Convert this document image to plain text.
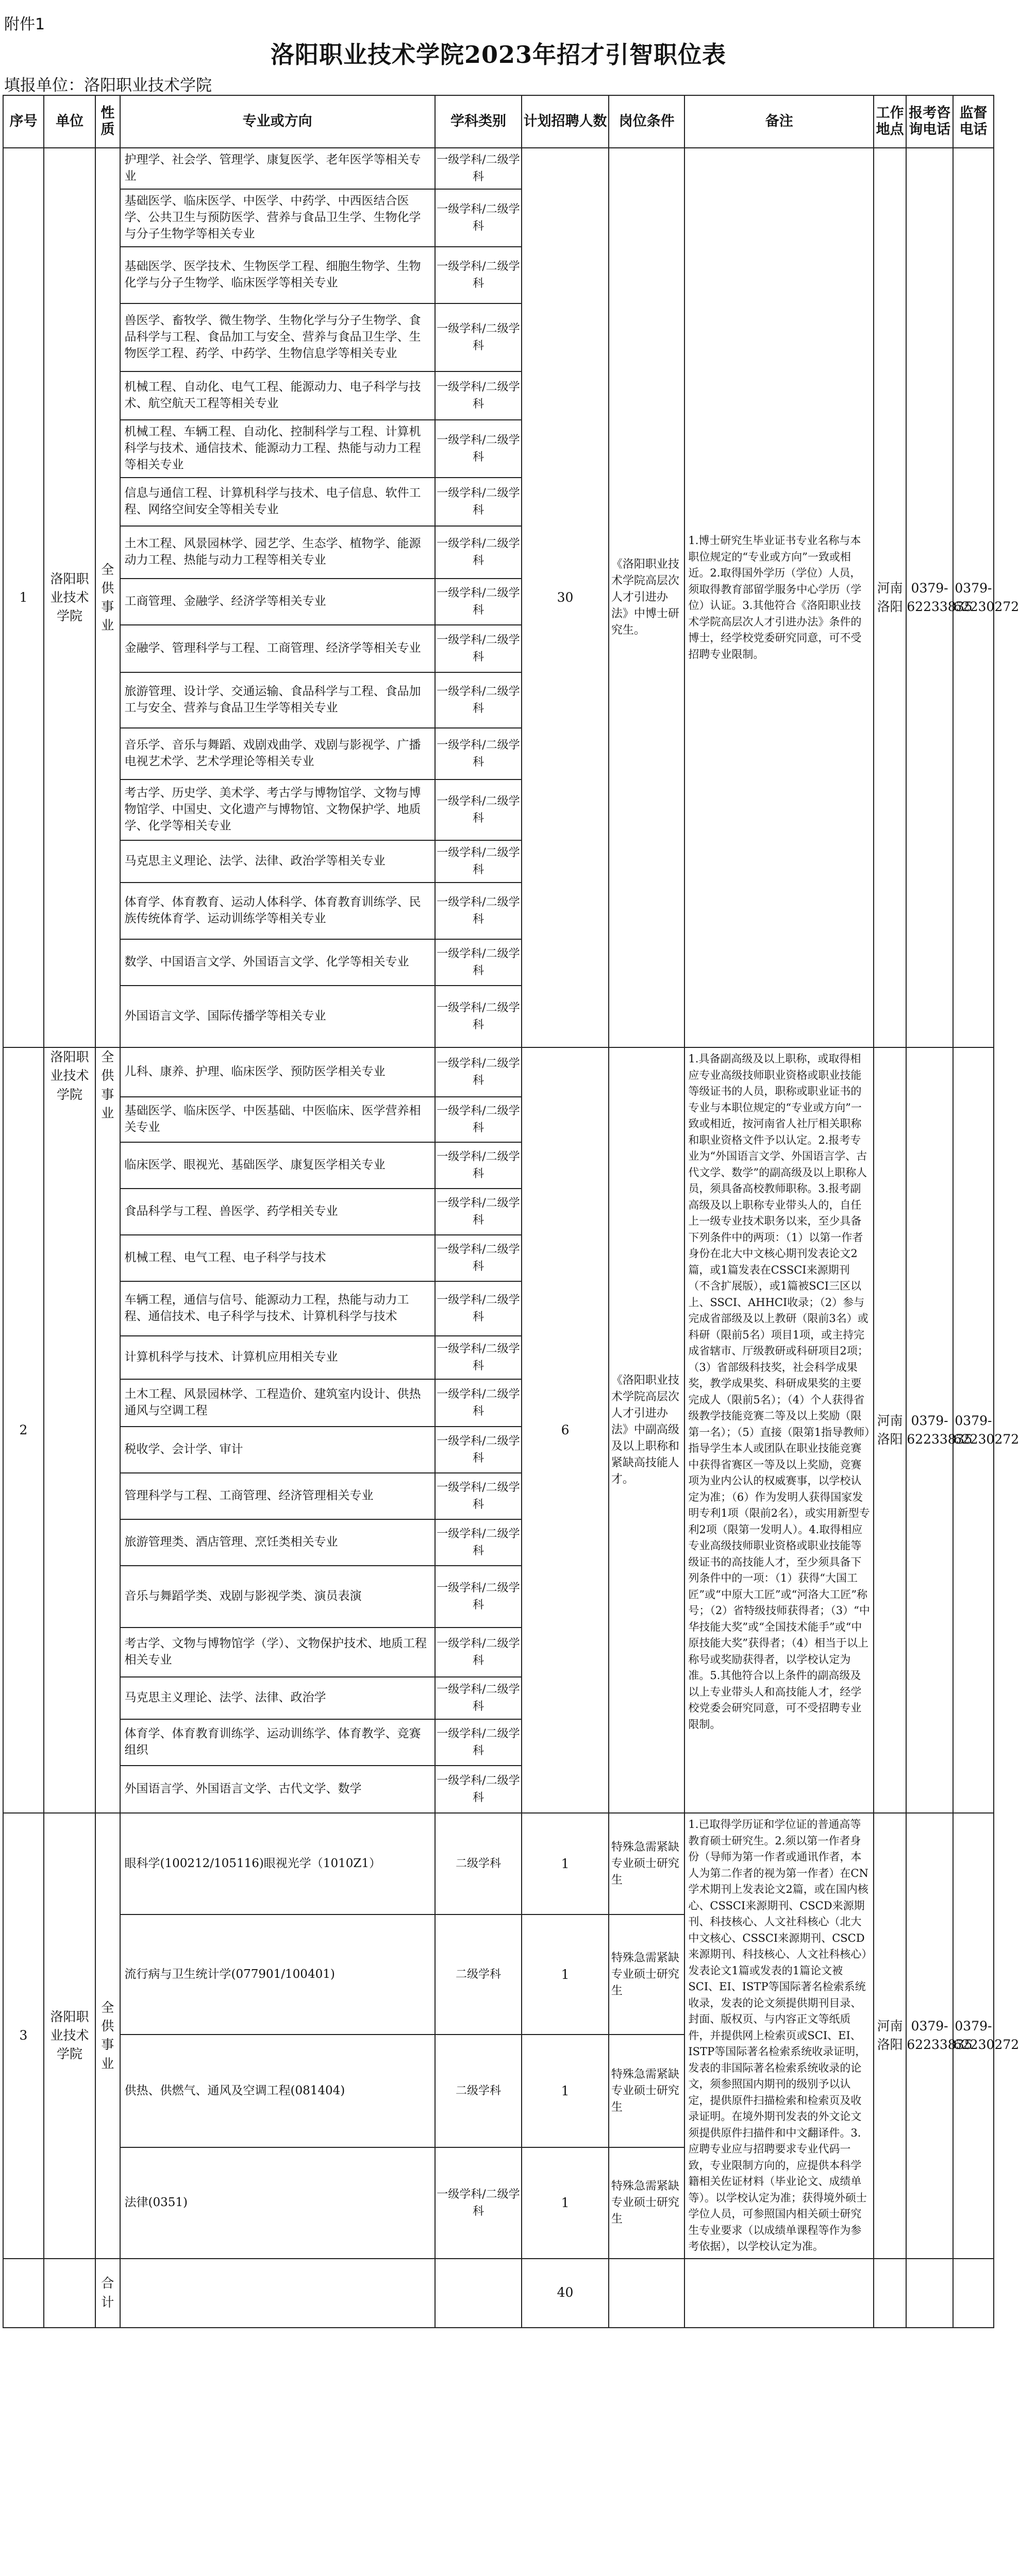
附件1
洛阳职业技术学院2023年招才引智职位表
填报单位：洛阳职业技术学院
序号	单位	性质	专业或方向	学科类别	计划招聘人数	岗位条件	备注	工作地点	报考咨询电话	监督电话
1	洛阳职业技术学院	全供事业	护理学、社会学、管理学、康复医学、老年医学等相关专业	一级学科/二级学科	30	《洛阳职业技术学院高层次人才引进办法》中博士研究生。	1.博士研究生毕业证书专业名称与本职位规定的“专业或方向”一致或相近。2.取得国外学历（学位）人员，须取得教育部留学服务中心学历（学位）认证。3.其他符合《洛阳职业技术学院高层次人才引进办法》条件的博士，经学校党委研究同意，可不受招聘专业限制。	河南洛阳	0379-62233835	0379-62230272
			基础医学、临床医学、中医学、中药学、中西医结合医学、公共卫生与预防医学、营养与食品卫生学、生物化学与分子生物学等相关专业	一级学科/二级学科						
			基础医学、医学技术、生物医学工程、细胞生物学、生物化学与分子生物学、临床医学等相关专业	一级学科/二级学科						
			兽医学、畜牧学、微生物学、生物化学与分子生物学、食品科学与工程、食品加工与安全、营养与食品卫生学、生物医学工程、药学、中药学、生物信息学等相关专业	一级学科/二级学科						
			机械工程、自动化、电气工程、能源动力、电子科学与技术、航空航天工程等相关专业	一级学科/二级学科						
			机械工程、车辆工程、自动化、控制科学与工程、计算机科学与技术、通信技术、能源动力工程、热能与动力工程等相关专业	一级学科/二级学科						
			信息与通信工程、计算机科学与技术、电子信息、软件工程、网络空间安全等相关专业	一级学科/二级学科						
			土木工程、风景园林学、园艺学、生态学、植物学、能源动力工程、热能与动力工程等相关专业	一级学科/二级学科						
			工商管理、金融学、经济学等相关专业	一级学科/二级学科						
			金融学、管理科学与工程、工商管理、经济学等相关专业	一级学科/二级学科						
			旅游管理、设计学、交通运输、食品科学与工程、食品加工与安全、营养与食品卫生学等相关专业	一级学科/二级学科						
			音乐学、音乐与舞蹈、戏剧戏曲学、戏剧与影视学、广播电视艺术学、艺术学理论等相关专业	一级学科/二级学科						
			考古学、历史学、美术学、考古学与博物馆学、文物与博物馆学、中国史、文化遗产与博物馆、文物保护学、地质学、化学等相关专业	一级学科/二级学科						
			马克思主义理论、法学、法律、政治学等相关专业	一级学科/二级学科						
			体育学、体育教育、运动人体科学、体育教育训练学、民族传统体育学、运动训练学等相关专业	一级学科/二级学科						
			数学、中国语言文学、外国语言文学、化学等相关专业	一级学科/二级学科						
			外国语言文学、国际传播学等相关专业	一级学科/二级学科						
2	洛阳职业技术学院	全供事业	儿科、康养、护理、临床医学、预防医学相关专业	一级学科/二级学科	6	《洛阳职业技术学院高层次人才引进办法》中副高级及以上职称和紧缺高技能人才。	1.具备副高级及以上职称，或取得相应专业高级技师职业资格或职业技能等级证书的人员，职称或职业证书的专业与本职位规定的“专业或方向”一致或相近，按河南省人社厅相关职称和职业资格文件予以认定。2.报考专业为“外国语言文学、外国语言学、古代文学、数学”的副高级及以上职称人员，须具备高校教师职称。3.报考副高级及以上职称专业带头人的，自任上一级专业技术职务以来，至少具备下列条件中的两项：（1）以第一作者身份在北大中文核心期刊发表论文2篇，或1篇发表在CSSCI来源期刊（不含扩展版），或1篇被SCI三区以上、SSCI、AHHCI收录；（2）参与完成省部级及以上教研（限前3名）或科研（限前5名）项目1项，或主持完成省辖市、厅级教研或科研项目2项；（3）省部级科技奖，社会科学成果奖，教学成果奖、科研成果奖的主要完成人（限前5名）；（4）个人获得省级教学技能竞赛二等及以上奖励（限第一名）；（5）直接（限第1指导教师）指导学生本人或团队在职业技能竞赛中获得省赛区一等及以上奖励，竞赛项为业内公认的权威赛事，以学校认定为准；（6）作为发明人获得国家发明专利1项（限前2名），或实用新型专利2项（限第一发明人）。4.取得相应专业高级技师职业资格或职业技能等级证书的高技能人才，至少须具备下列条件中的一项：（1）获得“大国工匠”或“中原大工匠”或“河洛大工匠”称号；（2）省特级技师获得者；（3）“中华技能大奖”或“全国技术能手”或“中原技能大奖”获得者；（4）相当于以上称号或奖励获得者，以学校认定为准。5.其他符合以上条件的副高级及以上专业带头人和高技能人才，经学校党委会研究同意，可不受招聘专业限制。	河南洛阳	0379-62233835	0379-62230272
			基础医学、临床医学、中医基础、中医临床、医学营养相关专业	一级学科/二级学科						
			临床医学、眼视光、基础医学、康复医学相关专业	一级学科/二级学科						
			食品科学与工程、兽医学、药学相关专业	一级学科/二级学科						
			机械工程、电气工程、电子科学与技术	一级学科/二级学科						
			车辆工程，通信与信号、能源动力工程，热能与动力工程、通信技术、电子科学与技术、计算机科学与技术	一级学科/二级学科						
			计算机科学与技术、计算机应用相关专业	一级学科/二级学科						
			土木工程、风景园林学、工程造价、建筑室内设计、供热通风与空调工程	一级学科/二级学科						
			税收学、会计学、审计	一级学科/二级学科						
			管理科学与工程、工商管理、经济管理相关专业	一级学科/二级学科						
			旅游管理类、酒店管理、烹饪类相关专业	一级学科/二级学科						
			音乐与舞蹈学类、戏剧与影视学类、演员表演	一级学科/二级学科						
			考古学、文物与博物馆学（学）、文物保护技术、地质工程相关专业	一级学科/二级学科						
			马克思主义理论、法学、法律、政治学	一级学科/二级学科						
			体育学、体育教育训练学、运动训练学、体育教学、竞赛组织	一级学科/二级学科						
			外国语言学、外国语言文学、古代文学、数学	一级学科/二级学科						
3	洛阳职业技术学院	全供事业	眼科学(100212/105116)眼视光学（1010Z1）	二级学科	1	特殊急需紧缺专业硕士研究生	1.已取得学历证和学位证的普通高等教育硕士研究生。2.须以第一作者身份（导师为第一作者或通讯作者，本人为第二作者的视为第一作者）在CN学术期刊上发表论文2篇，或在国内核心、CSSCI来源期刊、CSCD来源期刊、科技核心、人文社科核心（北大中文核心、CSSCI来源期刊、CSCD来源期刊、科技核心、人文社科核心）发表论文1篇或发表的1篇论文被SCI、EI、ISTP等国际著名检索系统收录，发表的论文须提供期刊目录、封面、版权页、与内容正文等纸质件，并提供网上检索页或SCI、EI、ISTP等国际著名检索系统收录证明，发表的非国际著名检索系统收录的论文，须参照国内期刊的级别予以认定，提供原件扫描检索和检索页及收录证明。在境外期刊发表的外文论文须提供原件扫描件和中文翻译件。3.应聘专业应与招聘要求专业代码一致，专业限制方向的，应提供本科学籍相关佐证材料（毕业论文、成绩单等）。以学校认定为准；获得境外硕士学位人员，可参照国内相关硕士研究生专业要求（以成绩单课程等作为参考依据），以学校认定为准。	河南洛阳	0379-62233835	0379-62230272
			流行病与卫生统计学(077901/100401)	二级学科	1	特殊急需紧缺专业硕士研究生				
			供热、供燃气、通风及空调工程(081404)	二级学科	1	特殊急需紧缺专业硕士研究生				
			法律(0351)	一级学科/二级学科	1	特殊急需紧缺专业硕士研究生				
		合计			40					
